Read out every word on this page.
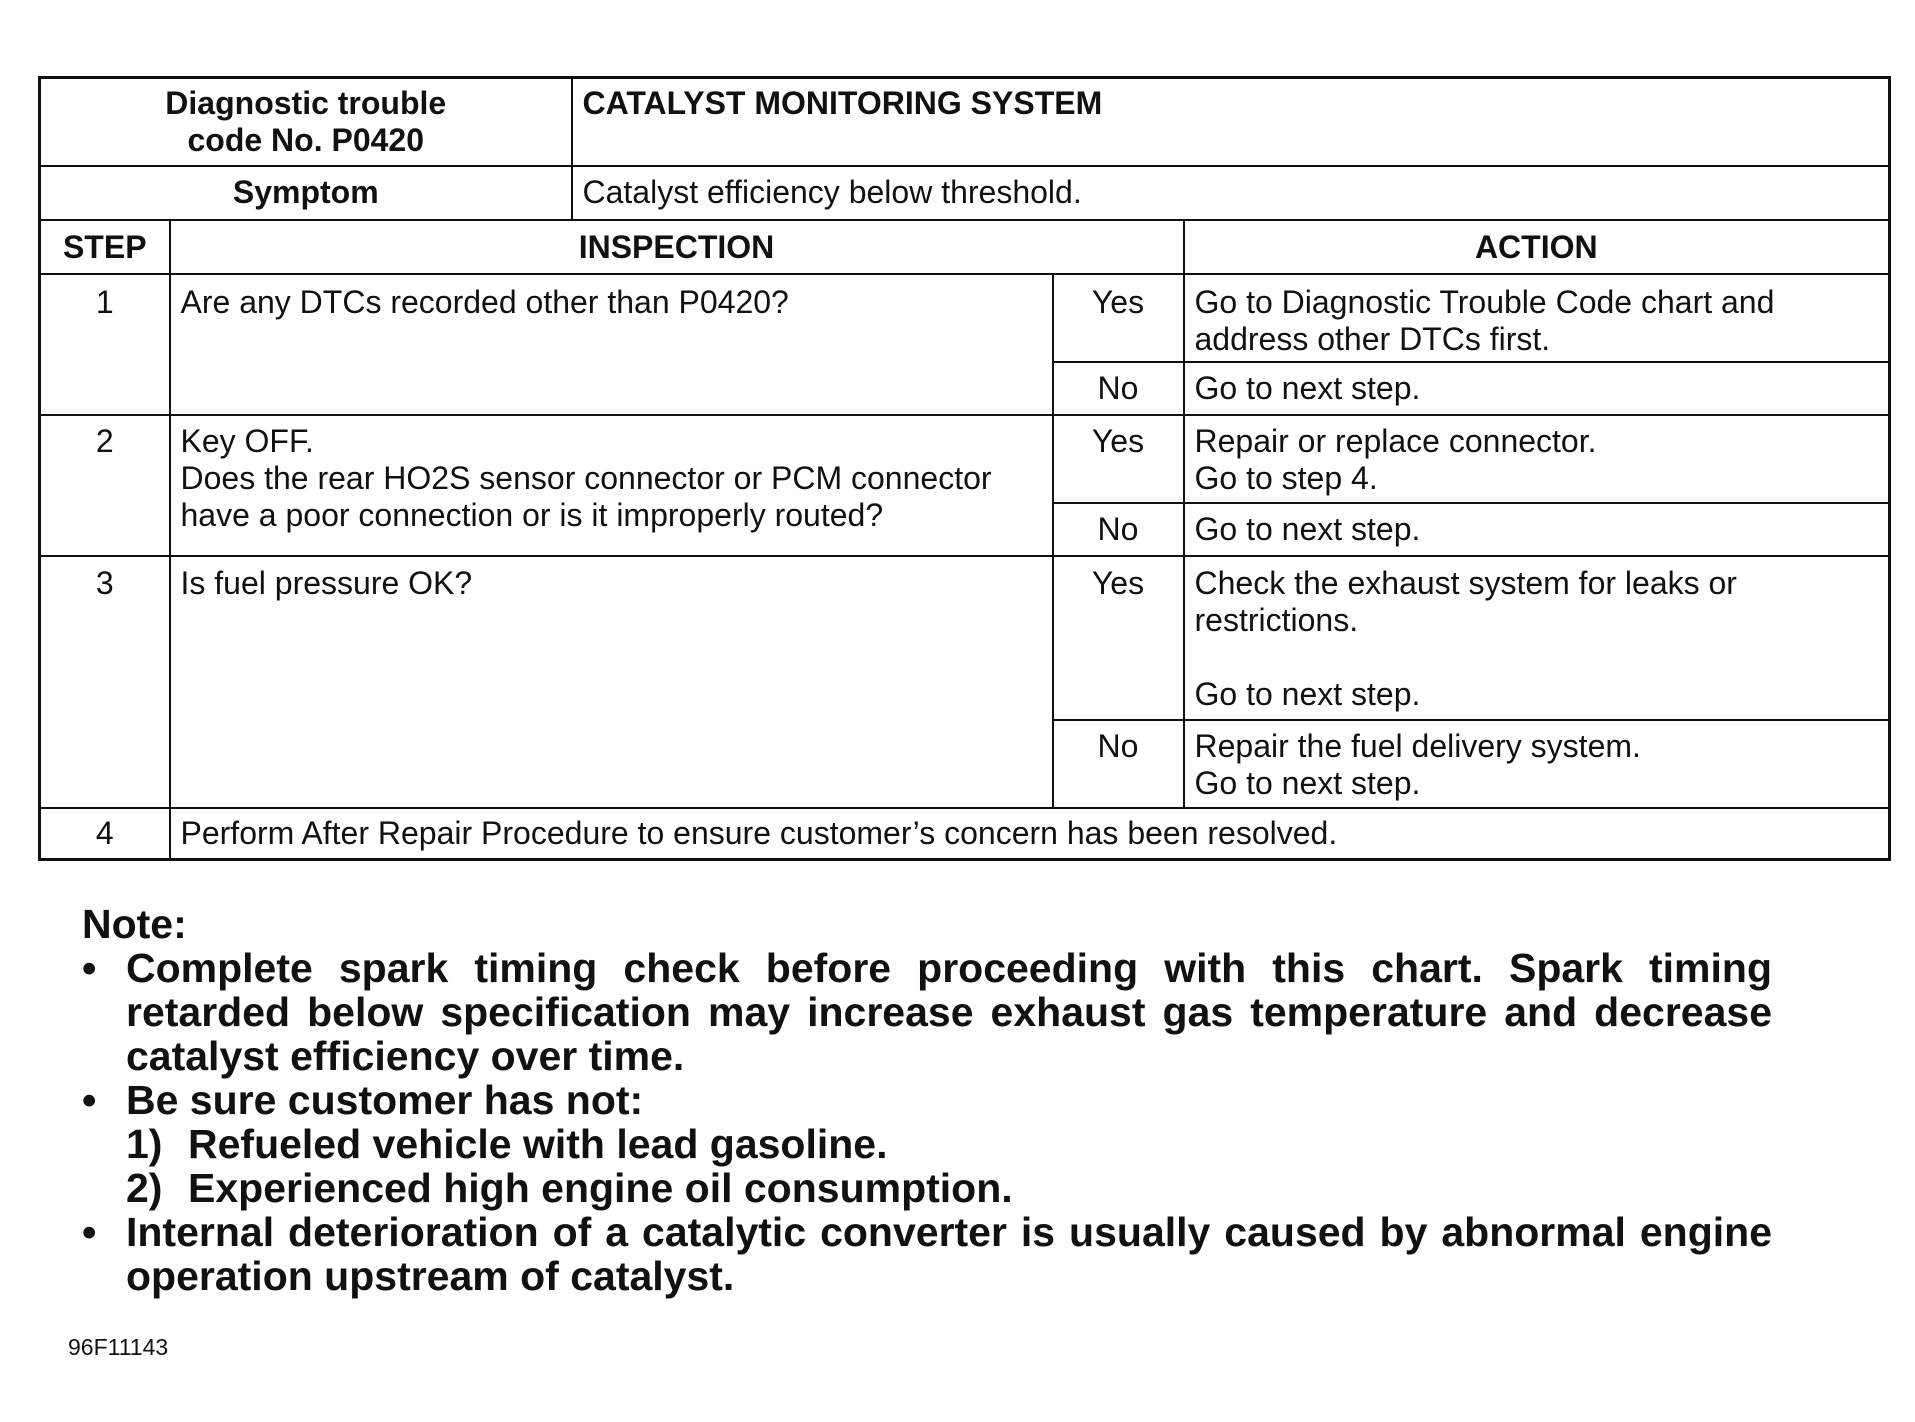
Diagnostic trouble
code No. P0420		CATALYST MONITORING SYSTEM		
Symptom		Catalyst efficiency below threshold.		
STEP	INSPECTION			ACTION
1	Are any DTCs recorded other than P0420?		Yes	Go to Diagnostic Trouble Code chart and
address other DTCs first.
			No	Go to next step.
2	Key OFF.
Does the rear HO2S sensor connector or PCM connector
have a poor connection or is it improperly routed?		Yes	Repair or replace connector.
Go to step 4.
			No	Go to next step.
3	Is fuel pressure OK?		Yes	Check the exhaust system for leaks or
restrictions.

Go to next step.
			No	Repair the fuel delivery system.
Go to next step.
4	Perform After Repair Procedure to ensure customer’s concern has been resolved.			
Note:
• Complete spark timing check before proceeding with this chart. Spark timing retarded below specification may increase exhaust gas temperature and decrease catalyst efficiency over time.
• Be sure customer has not:
1) Refueled vehicle with lead gasoline.
2) Experienced high engine oil consumption.
• Internal deterioration of a catalytic converter is usually caused by abnormal engine operation upstream of catalyst.
96F11143
